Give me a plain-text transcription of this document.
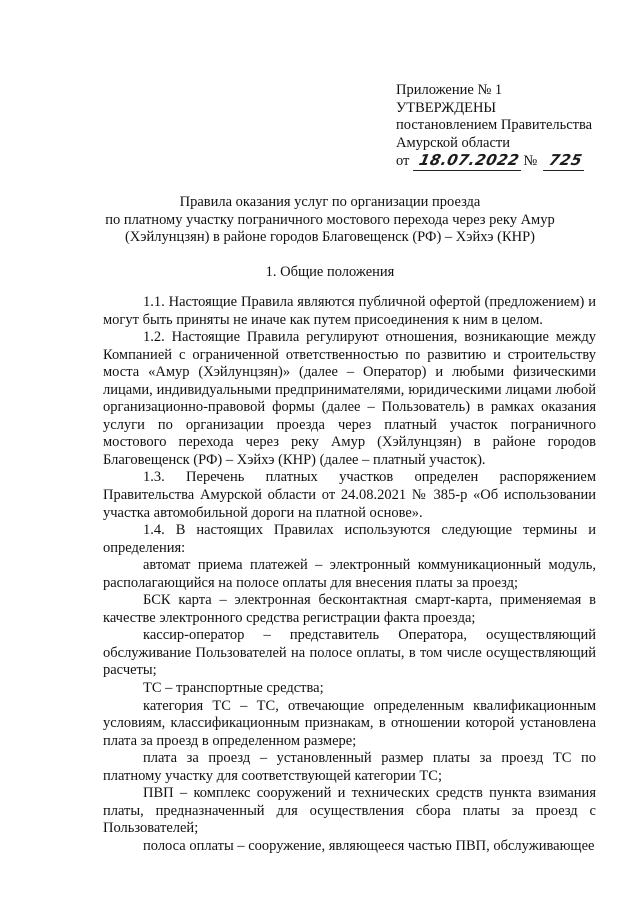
Приложение № 1
УТВЕРЖДЕНЫ
постановлением Правительства
Амурской области
от 18.07.2022 № 725
Правила оказания услуг по организации проезда
по платному участку пограничного мостового перехода через реку Амур
(Хэйлунцзян) в районе городов Благовещенск (РФ) – Хэйхэ (КНР)
1. Общие положения

1.1. Настоящие Правила являются публичной офертой (предложением) и могут быть приняты не иначе как путем присоединения к ним в целом.

1.2. Настоящие Правила регулируют отношения, возникающие между Компанией с ограниченной ответственностью по развитию и строительству моста «Амур (Хэйлунцзян)» (далее – Оператор) и любыми физическими лицами, индивидуальными предпринимателями, юридическими лицами любой организационно-правовой формы (далее – Пользователь) в рамках оказания услуги по организации проезда через платный участок пограничного мостового перехода через реку Амур (Хэйлунцзян) в районе городов Благовещенск (РФ) – Хэйхэ (КНР) (далее – платный участок).

1.3. Перечень платных участков определен распоряжением Правительства Амурской области от 24.08.2021 № 385-р «Об использовании участка автомобильной дороги на платной основе».

1.4. В настоящих Правилах используются следующие термины и определения:

автомат приема платежей – электронный коммуникационный модуль, располагающийся на полосе оплаты для внесения платы за проезд;

БСК карта – электронная бесконтактная смарт-карта, применяемая в качестве электронного средства регистрации факта проезда;

кассир-оператор – представитель Оператора, осуществляющий обслуживание Пользователей на полосе оплаты, в том числе осуществляющий расчеты;

ТС – транспортные средства;

категория ТС – ТС, отвечающие определенным квалификационным условиям, классификационным признакам, в отношении которой установлена плата за проезд в определенном размере;

плата за проезд – установленный размер платы за проезд ТС по платному участку для соответствующей категории ТС;

ПВП – комплекс сооружений и технических средств пункта взимания платы, предназначенный для осуществления сбора платы за проезд с Пользователей;

полоса оплаты – сооружение, являющееся частью ПВП, обслуживающее
